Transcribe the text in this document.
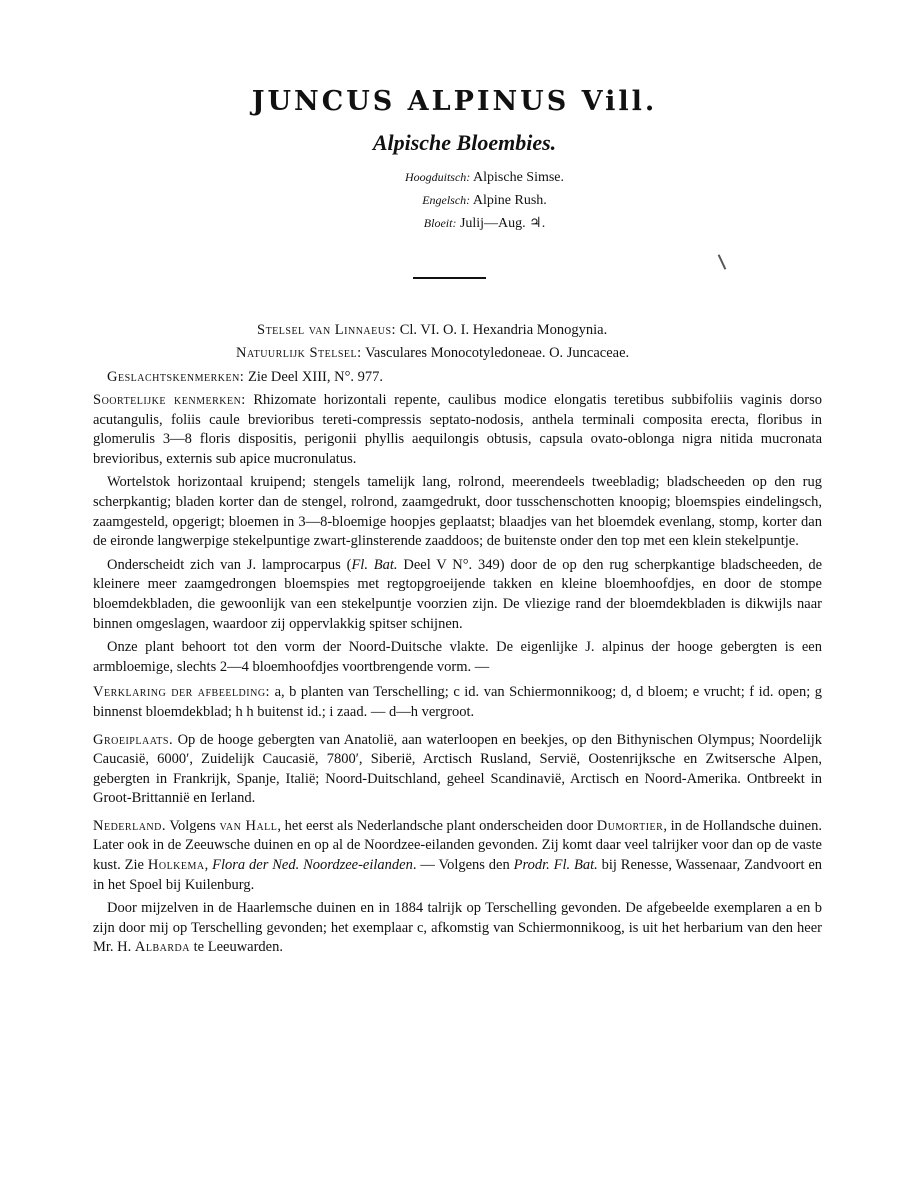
JUNCUS ALPINUS Vill.
Alpische Bloembies.
Hoogduitsch: Alpische Simse.
Engelsch: Alpine Rush.
Bloeit: Julij—Aug. ♃.
Stelsel van Linnaeus: Cl. VI. O. I. Hexandria Monogynia.
Natuurlijk Stelsel: Vasculares Monocotyledoneae. O. Juncaceae.
Geslachtskenmerken: Zie Deel XIII, N°. 977.

Soortelijke kenmerken: Rhizomate horizontali repente, caulibus modice elongatis teretibus subbifoliis vaginis dorso acutangulis, foliis caule brevioribus tereti-compressis septato-nodosis, anthela terminali composita erecta, floribus in glomerulis 3—8 floris dispositis, perigonii phyllis aequilongis obtusis, capsula ovato-oblonga nigra nitida mucronata brevioribus, externis sub apice mucronulatus.

Wortelstok horizontaal kruipend; stengels tamelijk lang, rolrond, meerendeels tweebladig; bladscheeden op den rug scherpkantig; bladen korter dan de stengel, rolrond, zaamgedrukt, door tusschenschotten knoopig; bloemspies eindelingsch, zaamgesteld, opgerigt; bloemen in 3—8-bloemige hoopjes geplaatst; blaadjes van het bloemdek evenlang, stomp, korter dan de eironde langwerpige stekelpuntige zwart-glinsterende zaaddoos; de buitenste onder den top met een klein stekelpuntje.

Onderscheidt zich van J. lamprocarpus (Fl. Bat. Deel V N°. 349) door de op den rug scherpkantige bladscheeden, de kleinere meer zaamgedrongen bloemspies met regtopgroeijende takken en kleine bloemhoofdjes, en door de stompe bloemdekbladen, die gewoonlijk van een stekelpuntje voorzien zijn. De vliezige rand der bloemdekbladen is dikwijls naar binnen omgeslagen, waardoor zij oppervlakkig spitser schijnen.

Onze plant behoort tot den vorm der Noord-Duitsche vlakte. De eigenlijke J. alpinus der hooge gebergten is een armbloemige, slechts 2—4 bloemhoofdjes voortbrengende vorm. —

Verklaring der afbeelding: a, b planten van Terschelling; c id. van Schiermonnikoog; d, d bloem; e vrucht; f id. open; g binnenst bloemdekblad; h h buitenst id.; i zaad. — d—h vergroot.

Groeiplaats. Op de hooge gebergten van Anatolië, aan waterloopen en beekjes, op den Bithynischen Olympus; Noordelijk Caucasië, 6000′, Zuidelijk Caucasië, 7800′, Siberië, Arctisch Rusland, Servië, Oostenrijksche en Zwitsersche Alpen, gebergten in Frankrijk, Spanje, Italië; Noord-Duitschland, geheel Scandinavië, Arctisch en Noord-Amerika. Ontbreekt in Groot-Brittannië en Ierland.

Nederland. Volgens van Hall, het eerst als Nederlandsche plant onderscheiden door Dumortier, in de Hollandsche duinen. Later ook in de Zeeuwsche duinen en op al de Noordzee-eilanden gevonden. Zij komt daar veel talrijker voor dan op de vaste kust. Zie Holkema, Flora der Ned. Noordzee-eilanden. — Volgens den Prodr. Fl. Bat. bij Renesse, Wassenaar, Zandvoort en in het Spoel bij Kuilenburg.

Door mijzelven in de Haarlemsche duinen en in 1884 talrijk op Terschelling gevonden. De afgebeelde exemplaren a en b zijn door mij op Terschelling gevonden; het exemplaar c, afkomstig van Schiermonnikoog, is uit het herbarium van den heer Mr. H. Albarda te Leeuwarden.
